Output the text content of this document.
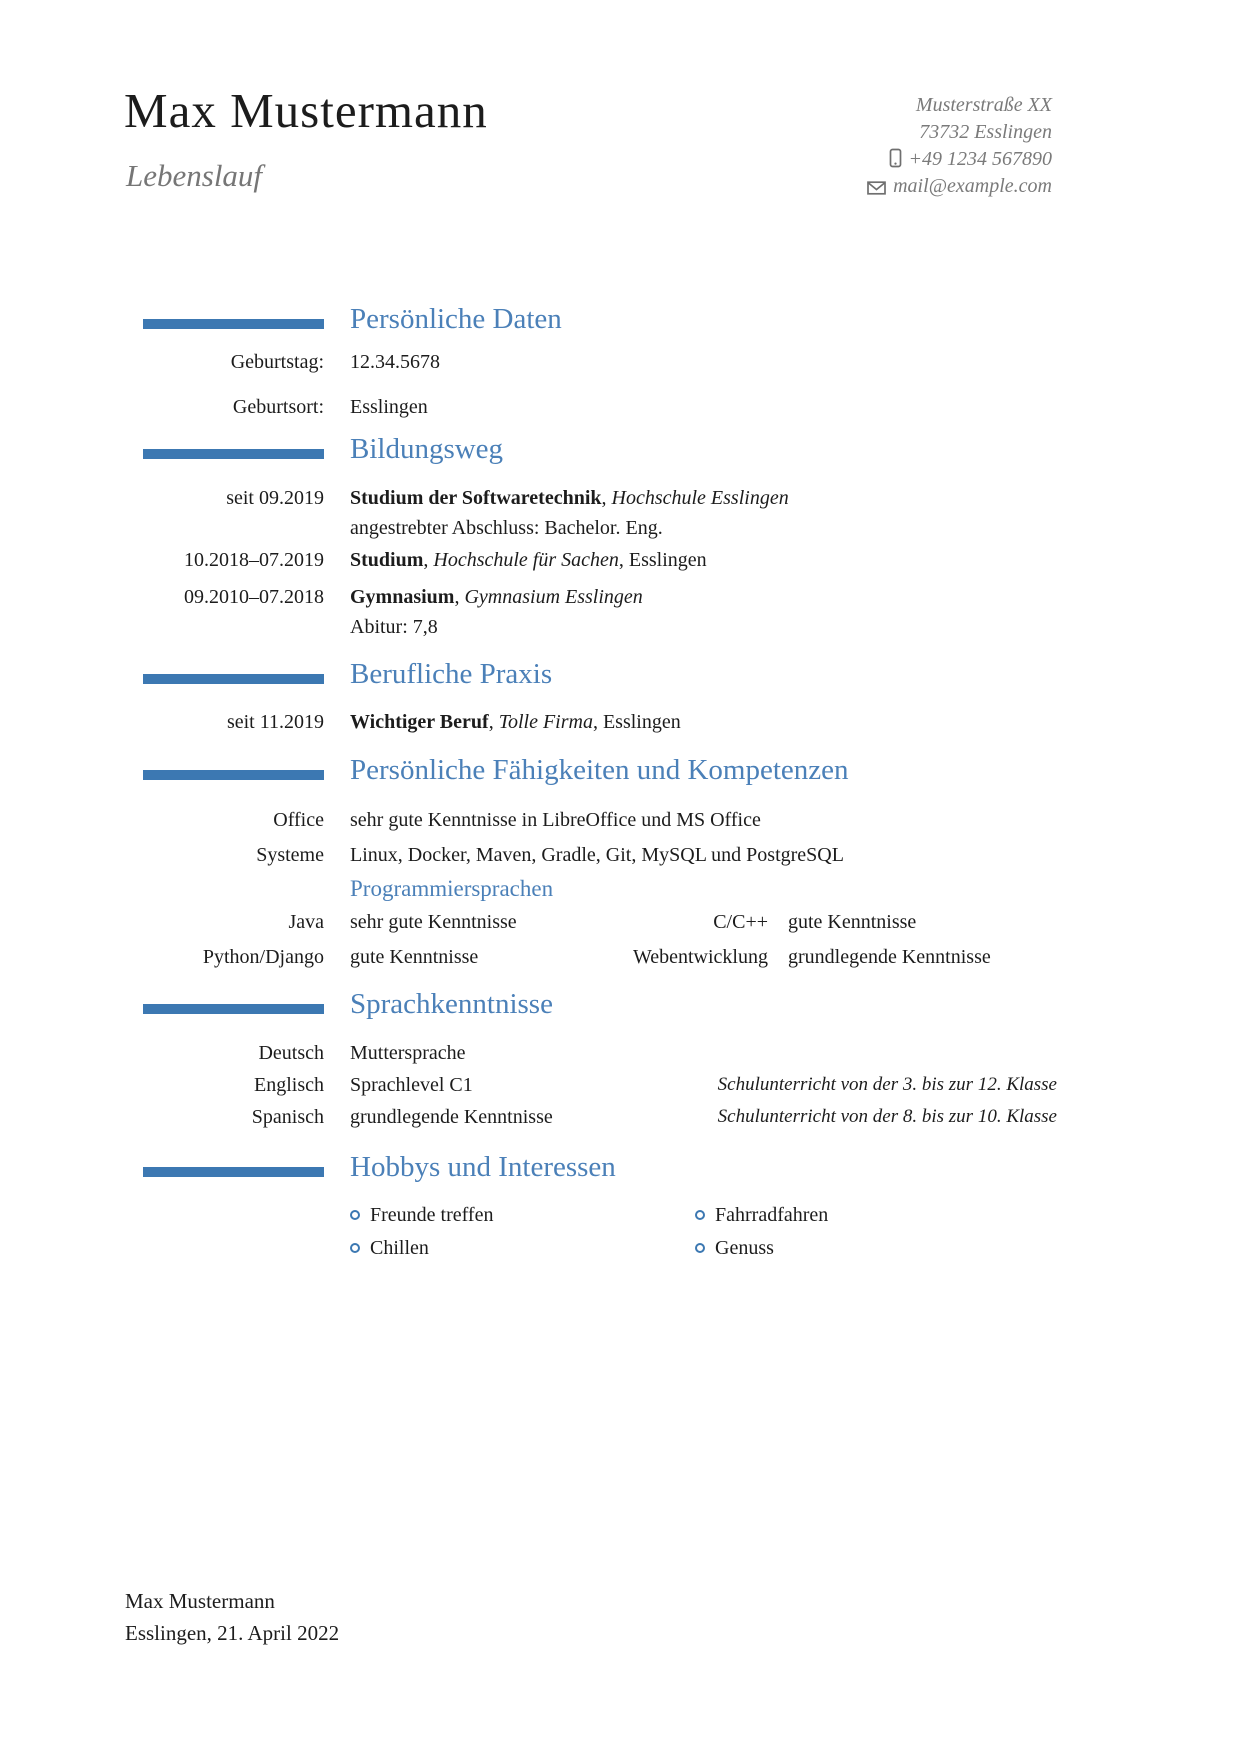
Max Mustermann
Lebenslauf
Musterstraße XX
73732 Esslingen
+49 1234 567890
mail@example.com
Persönliche Daten
Geburtstag: 12.34.5678
Geburtsort: Esslingen
Bildungsweg
seit 09.2019 Studium der Softwaretechnik, Hochschule Esslingen
angestrebter Abschluss: Bachelor. Eng.
10.2018–07.2019 Studium, Hochschule für Sachen, Esslingen
09.2010–07.2018 Gymnasium, Gymnasium Esslingen
Abitur: 7,8
Berufliche Praxis
seit 11.2019 Wichtiger Beruf, Tolle Firma, Esslingen
Persönliche Fähigkeiten und Kompetenzen
Office sehr gute Kenntnisse in LibreOffice und MS Office
Systeme Linux, Docker, Maven, Gradle, Git, MySQL und PostgreSQL
Programmiersprachen
Java sehr gute Kenntnisse	C/C++ gute Kenntnisse
Python/Django gute Kenntnisse	Webentwicklung grundlegende Kenntnisse
Sprachkenntnisse
Deutsch Muttersprache
Englisch Sprachlevel C1	Schulunterricht von der 3. bis zur 12. Klasse
Spanisch grundlegende Kenntnisse	Schulunterricht von der 8. bis zur 10. Klasse
Hobbys und Interessen
Freunde treffen	Fahrradfahren
Chillen	Genuss
Max Mustermann
Esslingen, 21. April 2022
